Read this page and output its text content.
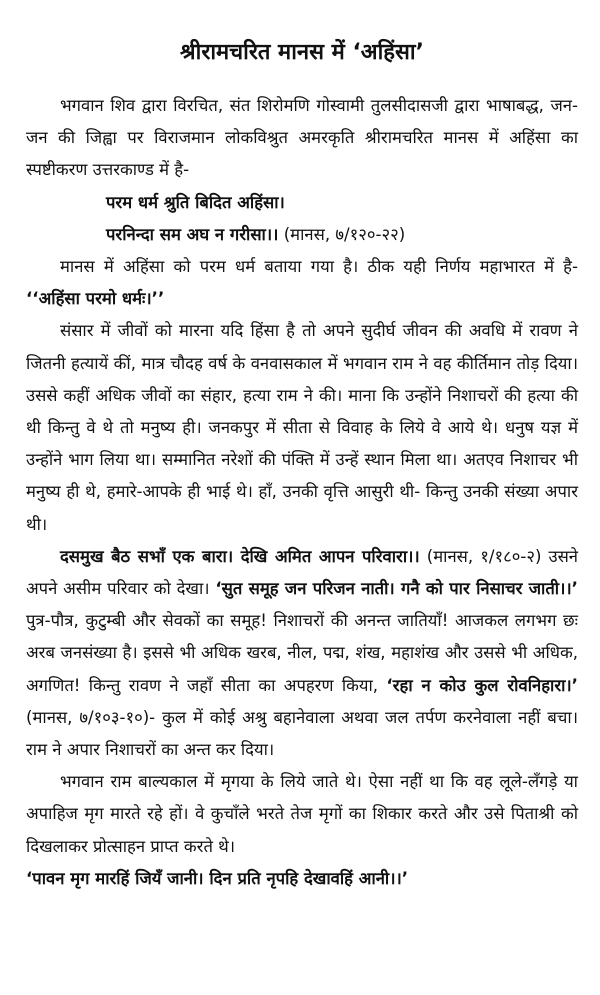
श्रीरामचरित मानस में ‘अहिंसा’

भगवान शिव द्वारा विरचित, संत शिरोमणि गोस्वामी तुलसीदासजी द्वारा भाषाबद्ध, जन-जन की जिह्वा पर विराजमान लोकविश्रुत अमरकृति श्रीरामचरित मानस में अहिंसा का स्पष्टीकरण उत्तरकाण्ड में है-

परम धर्म श्रुति बिदित अहिंसा।

परनिन्दा सम अघ न गरीसा।। (मानस, ७/१२०-२२)

मानस में अहिंसा को परम धर्म बताया गया है। ठीक यही निर्णय महाभारत में है- ‘‘अहिंसा परमो धर्मः।’’

संसार में जीवों को मारना यदि हिंसा है तो अपने सुदीर्घ जीवन की अवधि में रावण ने जितनी हत्यायें कीं, मात्र चौदह वर्ष के वनवासकाल में भगवान राम ने वह कीर्तिमान तोड़ दिया। उससे कहीं अधिक जीवों का संहार, हत्या राम ने की। माना कि उन्होंने निशाचरों की हत्या की थी किन्तु वे थे तो मनुष्य ही। जनकपुर में सीता से विवाह के लिये वे आये थे। धनुष यज्ञ में उन्होंने भाग लिया था। सम्मानित नरेशों की पंक्ति में उन्हें स्थान मिला था। अतएव निशाचर भी मनुष्य ही थे, हमारे-आपके ही भाई थे। हाँ, उनकी वृत्ति आसुरी थी- किन्तु उनकी संख्या अपार थी।

दसमुख बैठ सभाँ एक बारा। देखि अमित आपन परिवारा।। (मानस, १/१८०-२) उसने अपने असीम परिवार को देखा। ‘सुत समूह जन परिजन नाती। गनै को पार निसाचर जाती।।’ पुत्र-पौत्र, कुटुम्बी और सेवकों का समूह! निशाचरों की अनन्त जातियाँ! आजकल लगभग छः अरब जनसंख्या है। इससे भी अधिक खरब, नील, पद्म, शंख, महाशंख और उससे भी अधिक, अगणित! किन्तु रावण ने जहाँ सीता का अपहरण किया, ‘रहा न कोउ कुल रोवनिहारा।’ (मानस, ७/१०३-१०)- कुल में कोई अश्रु बहानेवाला अथवा जल तर्पण करनेवाला नहीं बचा। राम ने अपार निशाचरों का अन्त कर दिया।

भगवान राम बाल्यकाल में मृगया के लिये जाते थे। ऐसा नहीं था कि वह लूले-लँगड़े या अपाहिज मृग मारते रहे हों। वे कुचाँले भरते तेज मृगों का शिकार करते और उसे पिताश्री को दिखलाकर प्रोत्साहन प्राप्त करते थे।

‘पावन मृग मारहिं जियँ जानी। दिन प्रति नृपहि देखावहिं आनी।।’
